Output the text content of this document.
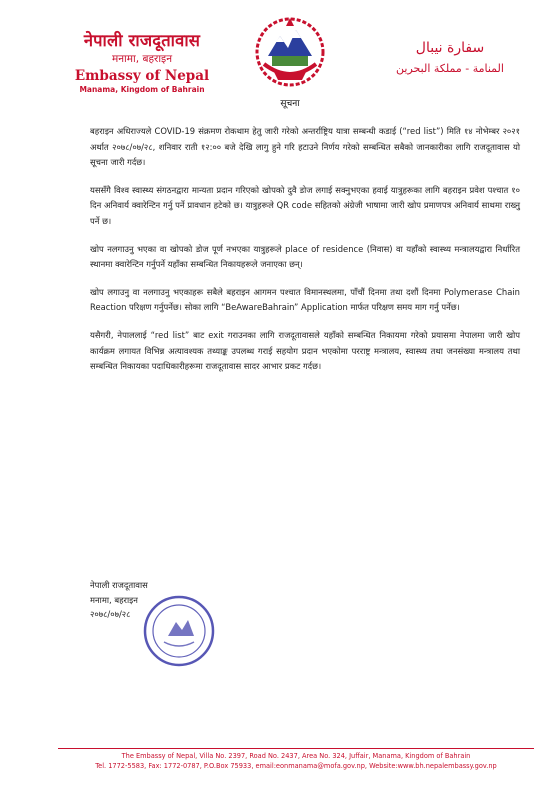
नेपाली राजदूतावास
मनामा, बहराइन
Embassy of Nepal
Manama, Kingdom of Bahrain
सूचना
سفارة نيبال
المنامة - مملكة البحرين

बहराइन अधिराज्यले COVID-19 संक्रमण रोकथाम हेतु जारी गरेको अन्तर्राष्ट्रिय यात्रा सम्बन्धी कडाई (“red list”) मिति १४ नोभेम्बर २०२१ अर्थात २०७८/०७/२८, शनिवार राती १२:०० बजे देखि लागु हुने गरि हटाउने निर्णय गरेको सम्बन्धित सबैको जानकारीका लागि राजदूतावास यो सूचना जारी गर्दछ।

यससँगै विश्व स्वास्थ्य संगठनद्वारा मान्यता प्रदान गरिएको खोपको दुवै डोज लगाई सक्नुभएका हवाई यात्रुहरूका लागि बहराइन प्रवेश पश्चात १० दिन अनिवार्य क्वारेन्टिन गर्नु पर्ने प्रावधान हटेको छ। यात्रुहरूले QR code सहितको अंग्रेजी भाषामा जारी खोप प्रमाणपत्र अनिवार्य साथमा राख्नु पर्ने छ।

खोप नलगाउनु भएका वा खोपको डोज पूर्ण नभएका यात्रुहरूले place of residence (निवास) वा यहाँको स्वास्थ्य मन्त्रालयद्वारा निर्धारित स्थानमा क्वारेन्टिन गर्नुपर्ने यहाँका सम्बन्धित निकायहरूले जनाएका छन्।

खोप लगाउनु वा नलगाउनु भएकाहरू सबैले बहराइन आगमन पश्चात विमानस्थलमा, पाँचौं दिनमा तथा दशौं दिनमा Polymerase Chain Reaction परिक्षण गर्नुपर्नेछ। सोका लागि “BeAwareBahrain” Application मार्फत परिक्षण समय माग गर्नु पर्नेछ।

यसैगरी, नेपाललाई “red list” बाट exit गराउनका लागि राजदूतावासले यहाँको सम्बन्धित निकायमा गरेको प्रयासमा नेपालमा जारी खोप कार्यक्रम लगायत विभिन्न अत्यावश्यक तथ्याङ्क उपलब्ध गराई सहयोग प्रदान भएकोमा परराष्ट्र मन्त्रालय, स्वास्थ्य तथा जनसंख्या मन्त्रालय तथा सम्बन्धित निकायका पदाधिकारीहरूमा राजदूतावास सादर आभार प्रकट गर्दछ।

नेपाली राजदूतावास
मनामा, बहराइन
२०७८/०७/२८
The Embassy of Nepal, Villa No. 2397, Road No. 2437, Area No. 324, Juffair, Manama, Kingdom of Bahrain
Tel. 1772-5583, Fax: 1772-0787, P.O.Box 75933, email:eonmanama@mofa.gov.np, Website:www.bh.nepalembassy.gov.np
